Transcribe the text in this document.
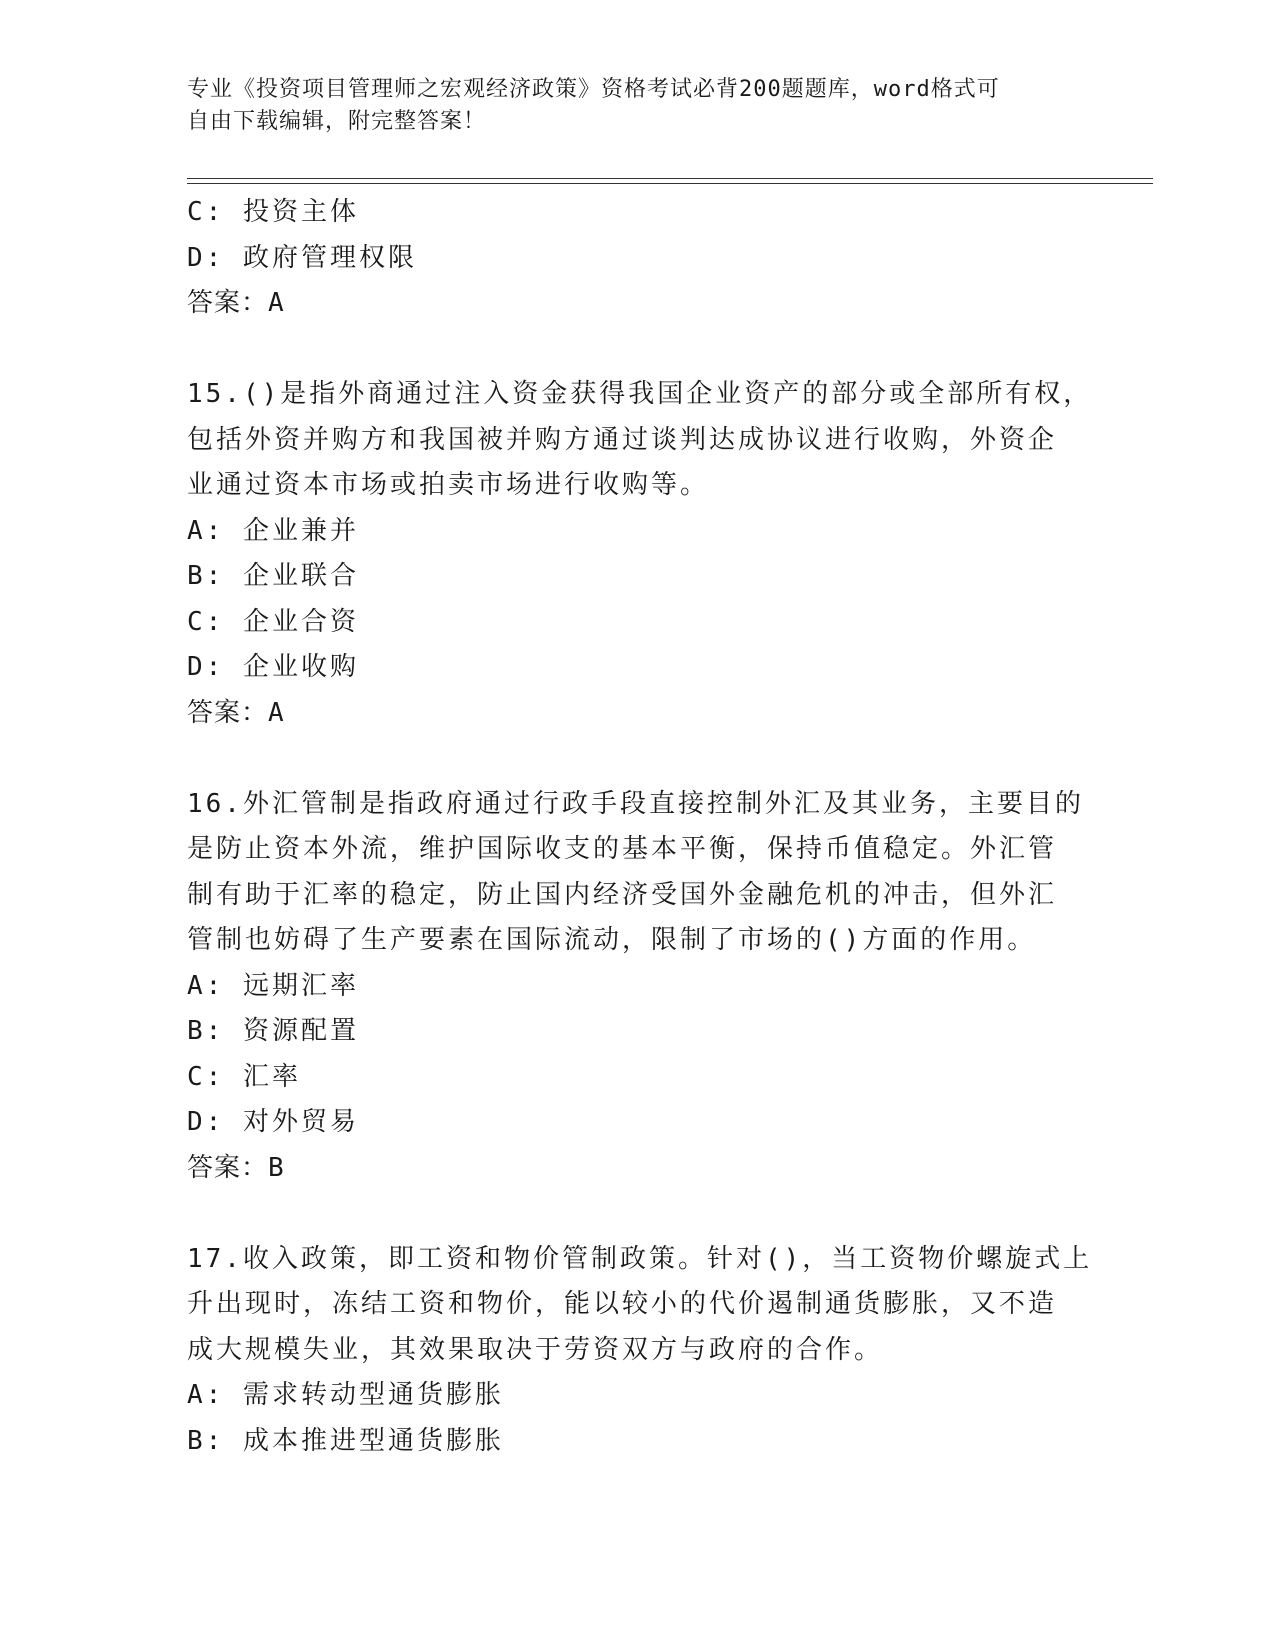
专业《投资项目管理师之宏观经济政策》资格考试必背200题题库，word格式可
自由下载编辑，附完整答案！

C: 投资主体

D: 政府管理权限

答案：A

15.()是指外商通过注入资金获得我国企业资产的部分或全部所有权，

包括外资并购方和我国被并购方通过谈判达成协议进行收购，外资企

业通过资本市场或拍卖市场进行收购等。

A: 企业兼并

B: 企业联合

C: 企业合资

D: 企业收购

答案：A

16.外汇管制是指政府通过行政手段直接控制外汇及其业务，主要目的

是防止资本外流，维护国际收支的基本平衡，保持币值稳定。外汇管

制有助于汇率的稳定，防止国内经济受国外金融危机的冲击，但外汇

管制也妨碍了生产要素在国际流动，限制了市场的()方面的作用。

A: 远期汇率

B: 资源配置

C: 汇率

D: 对外贸易

答案：B

17.收入政策，即工资和物价管制政策。针对()，当工资物价螺旋式上

升出现时，冻结工资和物价，能以较小的代价遏制通货膨胀，又不造

成大规模失业，其效果取决于劳资双方与政府的合作。

A: 需求转动型通货膨胀

B: 成本推进型通货膨胀
